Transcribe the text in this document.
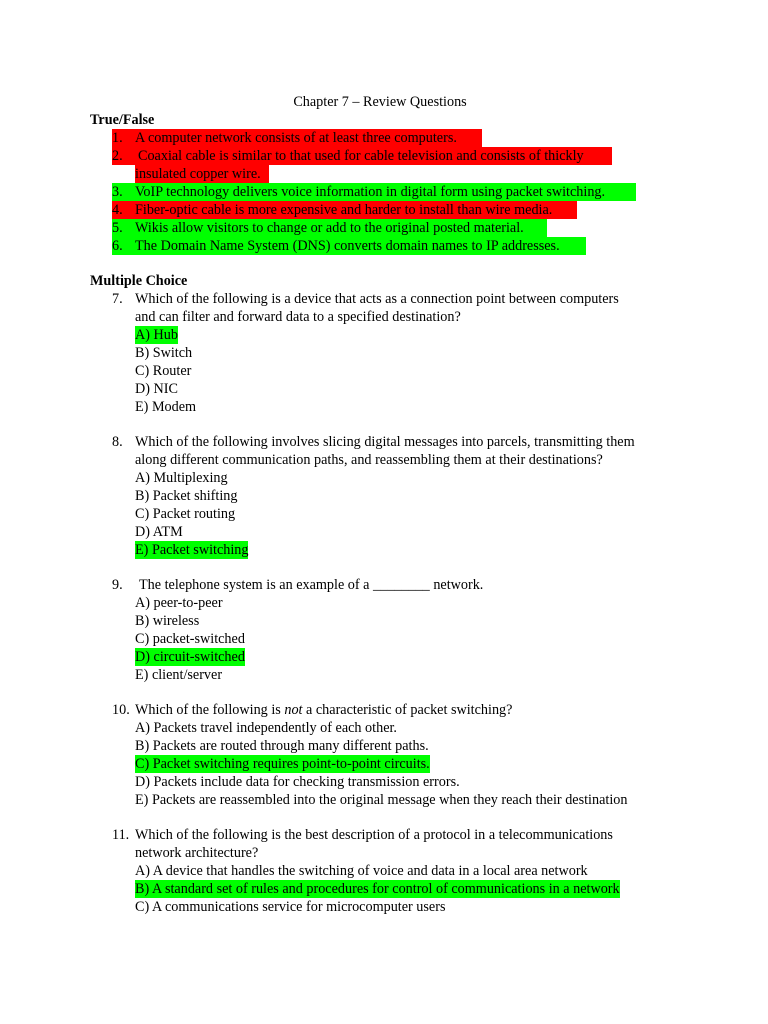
Chapter 7 – Review Questions
True/False
1. A computer network consists of at least three computers.
2. Coaxial cable is similar to that used for cable television and consists of thickly
insulated copper wire.
3. VoIP technology delivers voice information in digital form using packet switching.
4. Fiber-optic cable is more expensive and harder to install than wire media.
5. Wikis allow visitors to change or add to the original posted material.
6. The Domain Name System (DNS) converts domain names to IP addresses.
Multiple Choice
7. Which of the following is a device that acts as a connection point between computers
and can filter and forward data to a specified destination?
A) Hub
B) Switch
C) Router
D) NIC
E) Modem
8. Which of the following involves slicing digital messages into parcels, transmitting them
along different communication paths, and reassembling them at their destinations?
A) Multiplexing
B) Packet shifting
C) Packet routing
D) ATM
E) Packet switching
9. The telephone system is an example of a ________ network.
A) peer-to-peer
B) wireless
C) packet-switched
D) circuit-switched
E) client/server
10. Which of the following is not a characteristic of packet switching?
A) Packets travel independently of each other.
B) Packets are routed through many different paths.
C) Packet switching requires point-to-point circuits.
D) Packets include data for checking transmission errors.
E) Packets are reassembled into the original message when they reach their destination
11. Which of the following is the best description of a protocol in a telecommunications
network architecture?
A) A device that handles the switching of voice and data in a local area network
B) A standard set of rules and procedures for control of communications in a network
C) A communications service for microcomputer users
